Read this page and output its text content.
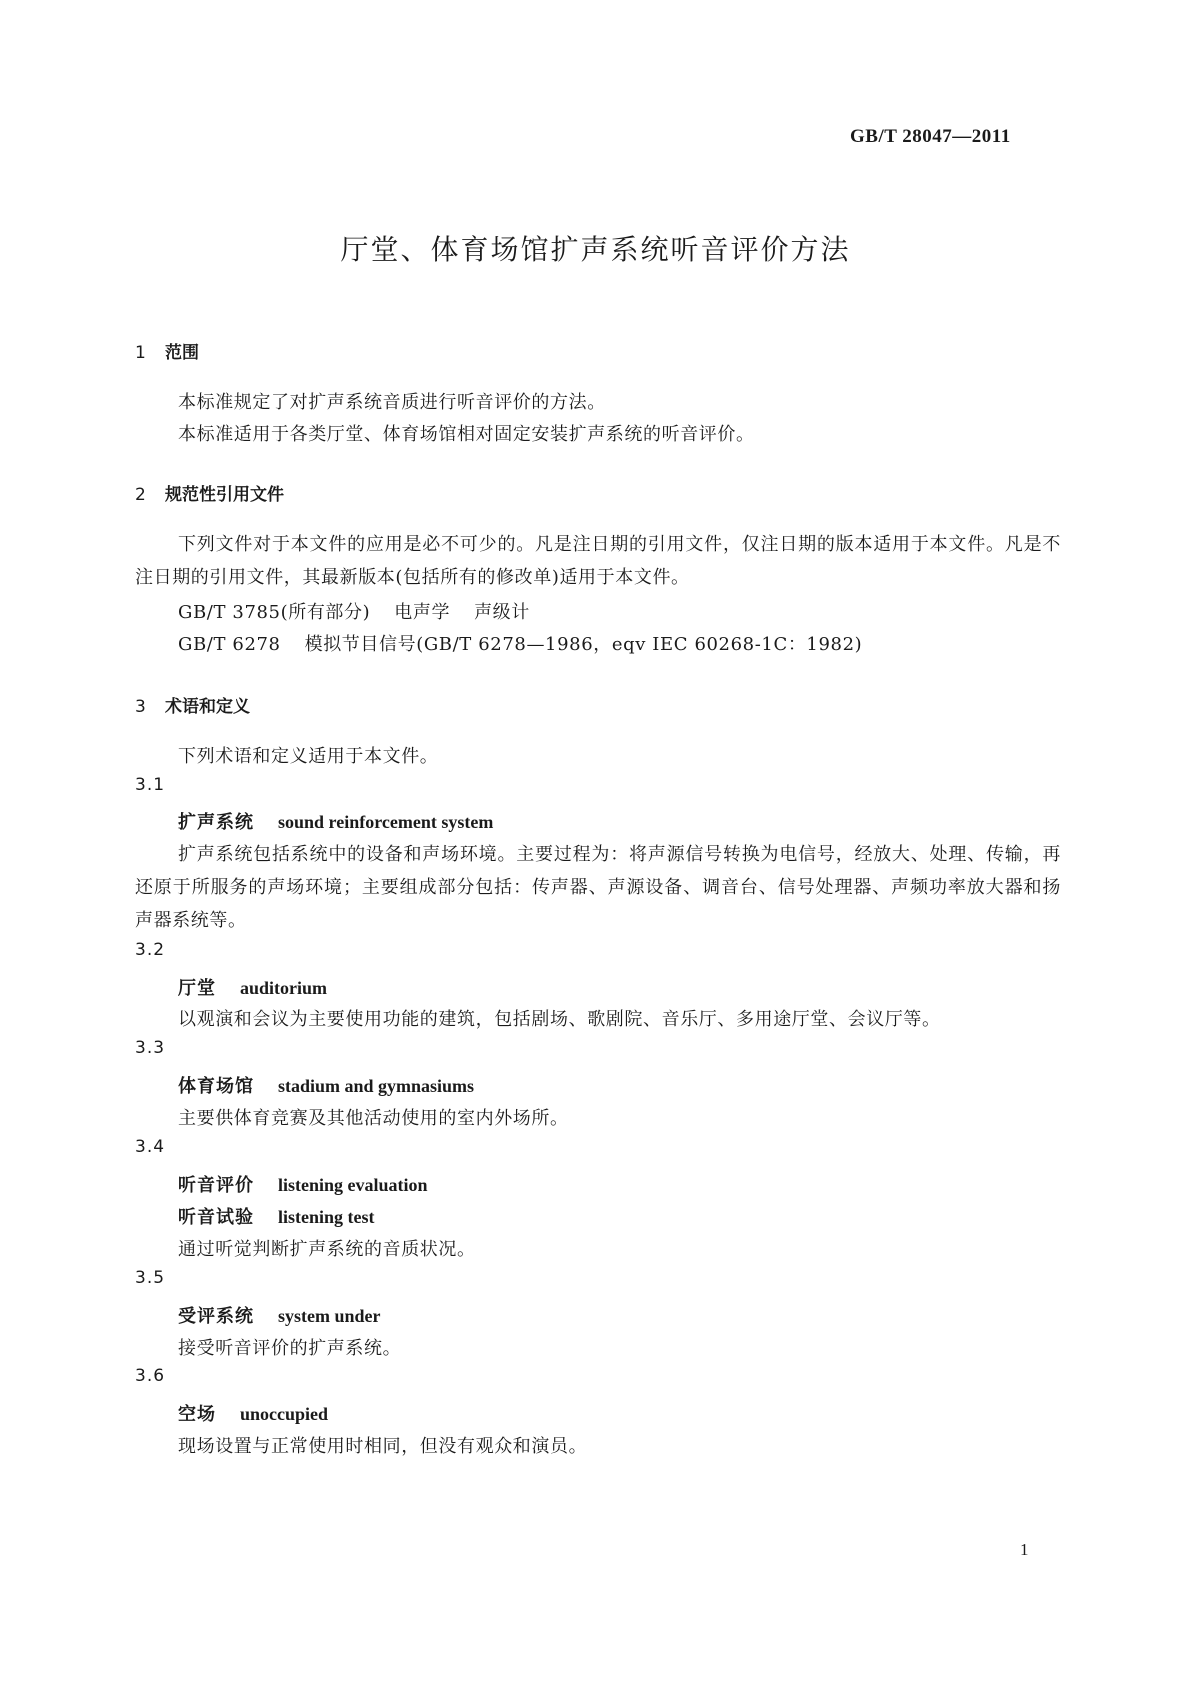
GB/T 28047—2011
厅堂、体育场馆扩声系统听音评价方法
1 范围
本标准规定了对扩声系统音质进行听音评价的方法。
本标准适用于各类厅堂、体育场馆相对固定安装扩声系统的听音评价。
2 规范性引用文件
下列文件对于本文件的应用是必不可少的。凡是注日期的引用文件，仅注日期的版本适用于本文件。凡是不注日期的引用文件，其最新版本(包括所有的修改单)适用于本文件。
GB/T 3785(所有部分) 电声学 声级计
GB/T 6278 模拟节目信号(GB/T 6278—1986，eqv IEC 60268-1C：1982)
3 术语和定义
下列术语和定义适用于本文件。
3.1
扩声系统 sound reinforcement system
扩声系统包括系统中的设备和声场环境。主要过程为：将声源信号转换为电信号，经放大、处理、传输，再还原于所服务的声场环境；主要组成部分包括：传声器、声源设备、调音台、信号处理器、声频功率放大器和扬声器系统等。
3.2
厅堂 auditorium
以观演和会议为主要使用功能的建筑，包括剧场、歌剧院、音乐厅、多用途厅堂、会议厅等。
3.3
体育场馆 stadium and gymnasiums
主要供体育竞赛及其他活动使用的室内外场所。
3.4
听音评价 listening evaluation
听音试验 listening test
通过听觉判断扩声系统的音质状况。
3.5
受评系统 system under
接受听音评价的扩声系统。
3.6
空场 unoccupied
现场设置与正常使用时相同，但没有观众和演员。
1
